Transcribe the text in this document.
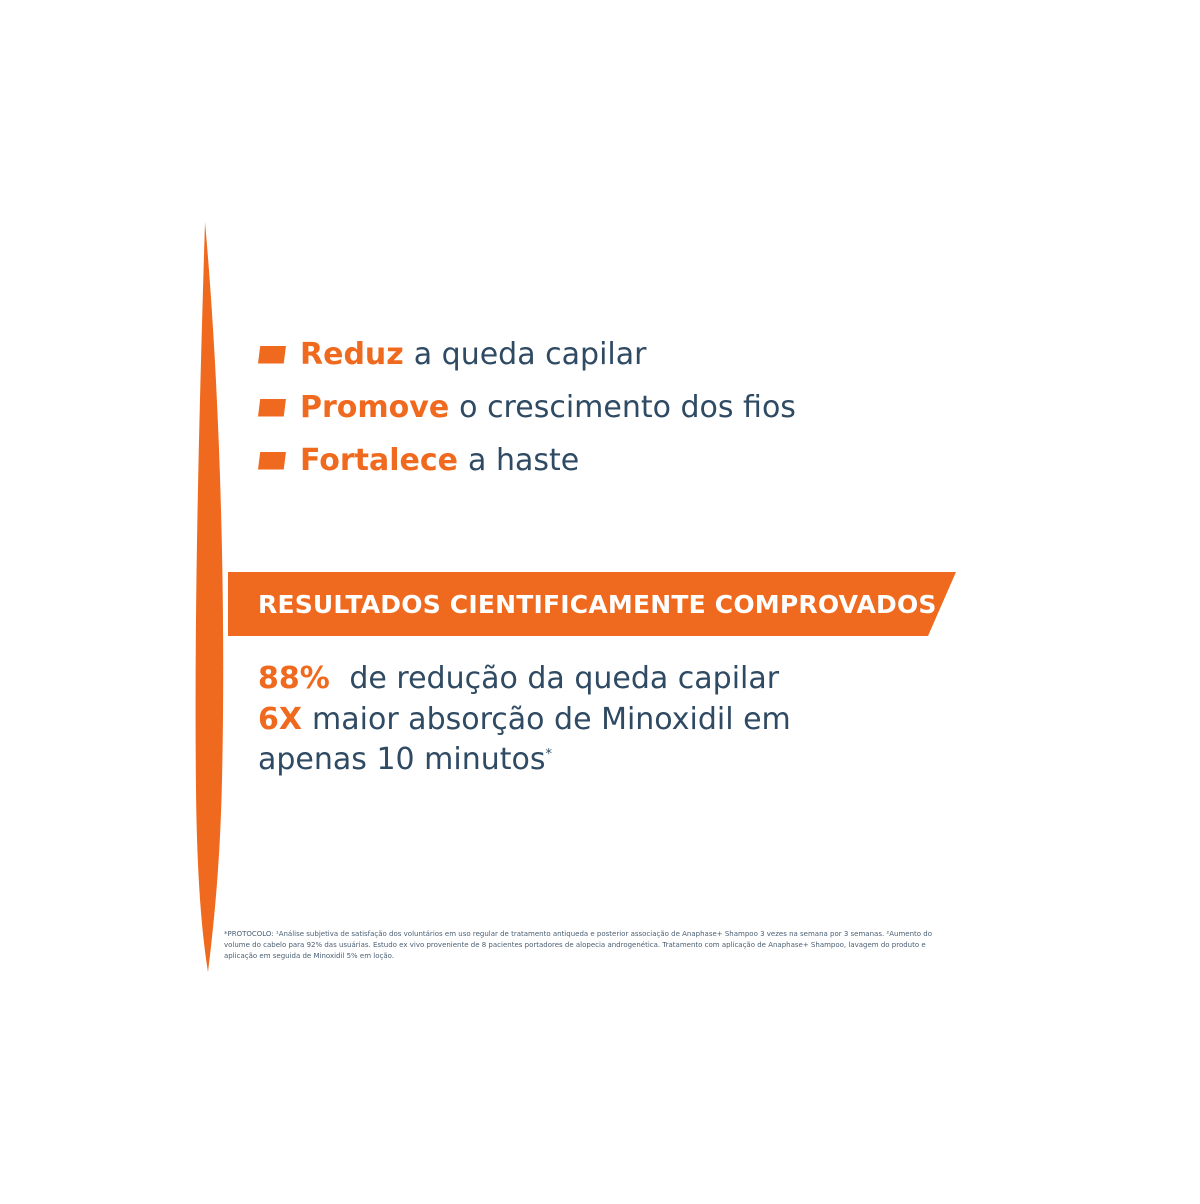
Reduz a queda capilar
Promove o crescimento dos fios
Fortalece a haste
RESULTADOS CIENTIFICAMENTE COMPROVADOS
88% de redução da queda capilar
6X maior absorção de Minoxidil em apenas 10 minutos*
*PROTOCOLO: ¹Análise subjetiva de satisfação dos voluntários em uso regular de tratamento antiqueda e posterior associação de Anaphase+ Shampoo 3 vezes na semana por 3 semanas. ²Aumento do volume do cabelo para 92% das usuárias. Estudo ex vivo proveniente de 8 pacientes portadores de alopecia androgenética. Tratamento com aplicação de Anaphase+ Shampoo, lavagem do produto e aplicação em seguida de Minoxidil 5% em loção.
